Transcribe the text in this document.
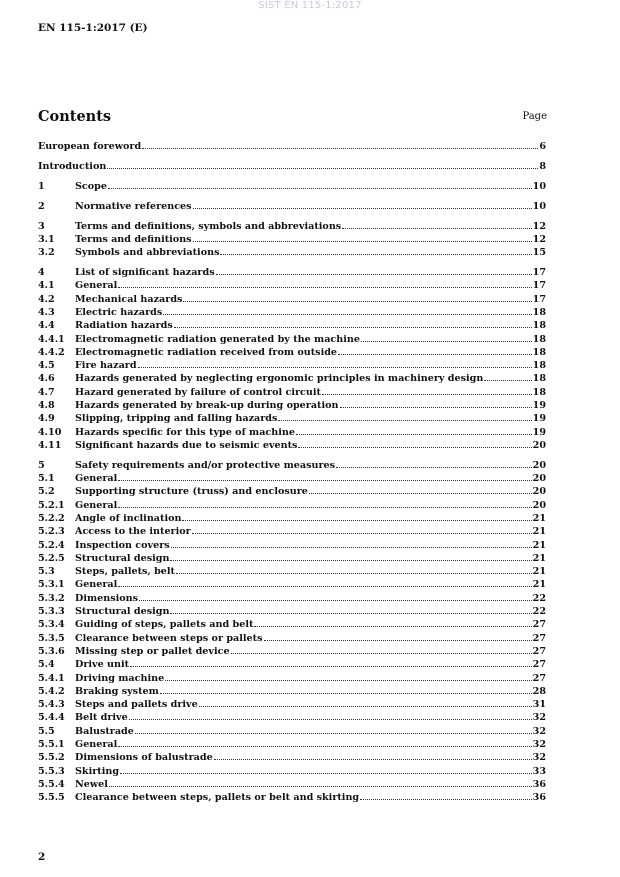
SIST EN 115-1:2017
EN 115-1:2017 (E)
Contents	Page
European foreword	6
Introduction	8
1	Scope	10
2	Normative references	10
3	Terms and definitions, symbols and abbreviations	12
3.1	Terms and definitions	12
3.2	Symbols and abbreviations	15
4	List of significant hazards	17
4.1	General	17
4.2	Mechanical hazards	17
4.3	Electric hazards	18
4.4	Radiation hazards	18
4.4.1	Electromagnetic radiation generated by the machine	18
4.4.2	Electromagnetic radiation received from outside	18
4.5	Fire hazard	18
4.6	Hazards generated by neglecting ergonomic principles in machinery design	18
4.7	Hazard generated by failure of control circuit	18
4.8	Hazards generated by break-up during operation	19
4.9	Slipping, tripping and falling hazards	19
4.10	Hazards specific for this type of machine	19
4.11	Significant hazards due to seismic events	20
5	Safety requirements and/or protective measures	20
5.1	General	20
5.2	Supporting structure (truss) and enclosure	20
5.2.1	General	20
5.2.2	Angle of inclination	21
5.2.3	Access to the interior	21
5.2.4	Inspection covers	21
5.2.5	Structural design	21
5.3	Steps, pallets, belt	21
5.3.1	General	21
5.3.2	Dimensions	22
5.3.3	Structural design	22
5.3.4	Guiding of steps, pallets and belt	27
5.3.5	Clearance between steps or pallets	27
5.3.6	Missing step or pallet device	27
5.4	Drive unit	27
5.4.1	Driving machine	27
5.4.2	Braking system	28
5.4.3	Steps and pallets drive	31
5.4.4	Belt drive	32
5.5	Balustrade	32
5.5.1	General	32
5.5.2	Dimensions of balustrade	32
5.5.3	Skirting	33
5.5.4	Newel	36
5.5.5	Clearance between steps, pallets or belt and skirting	36
2
